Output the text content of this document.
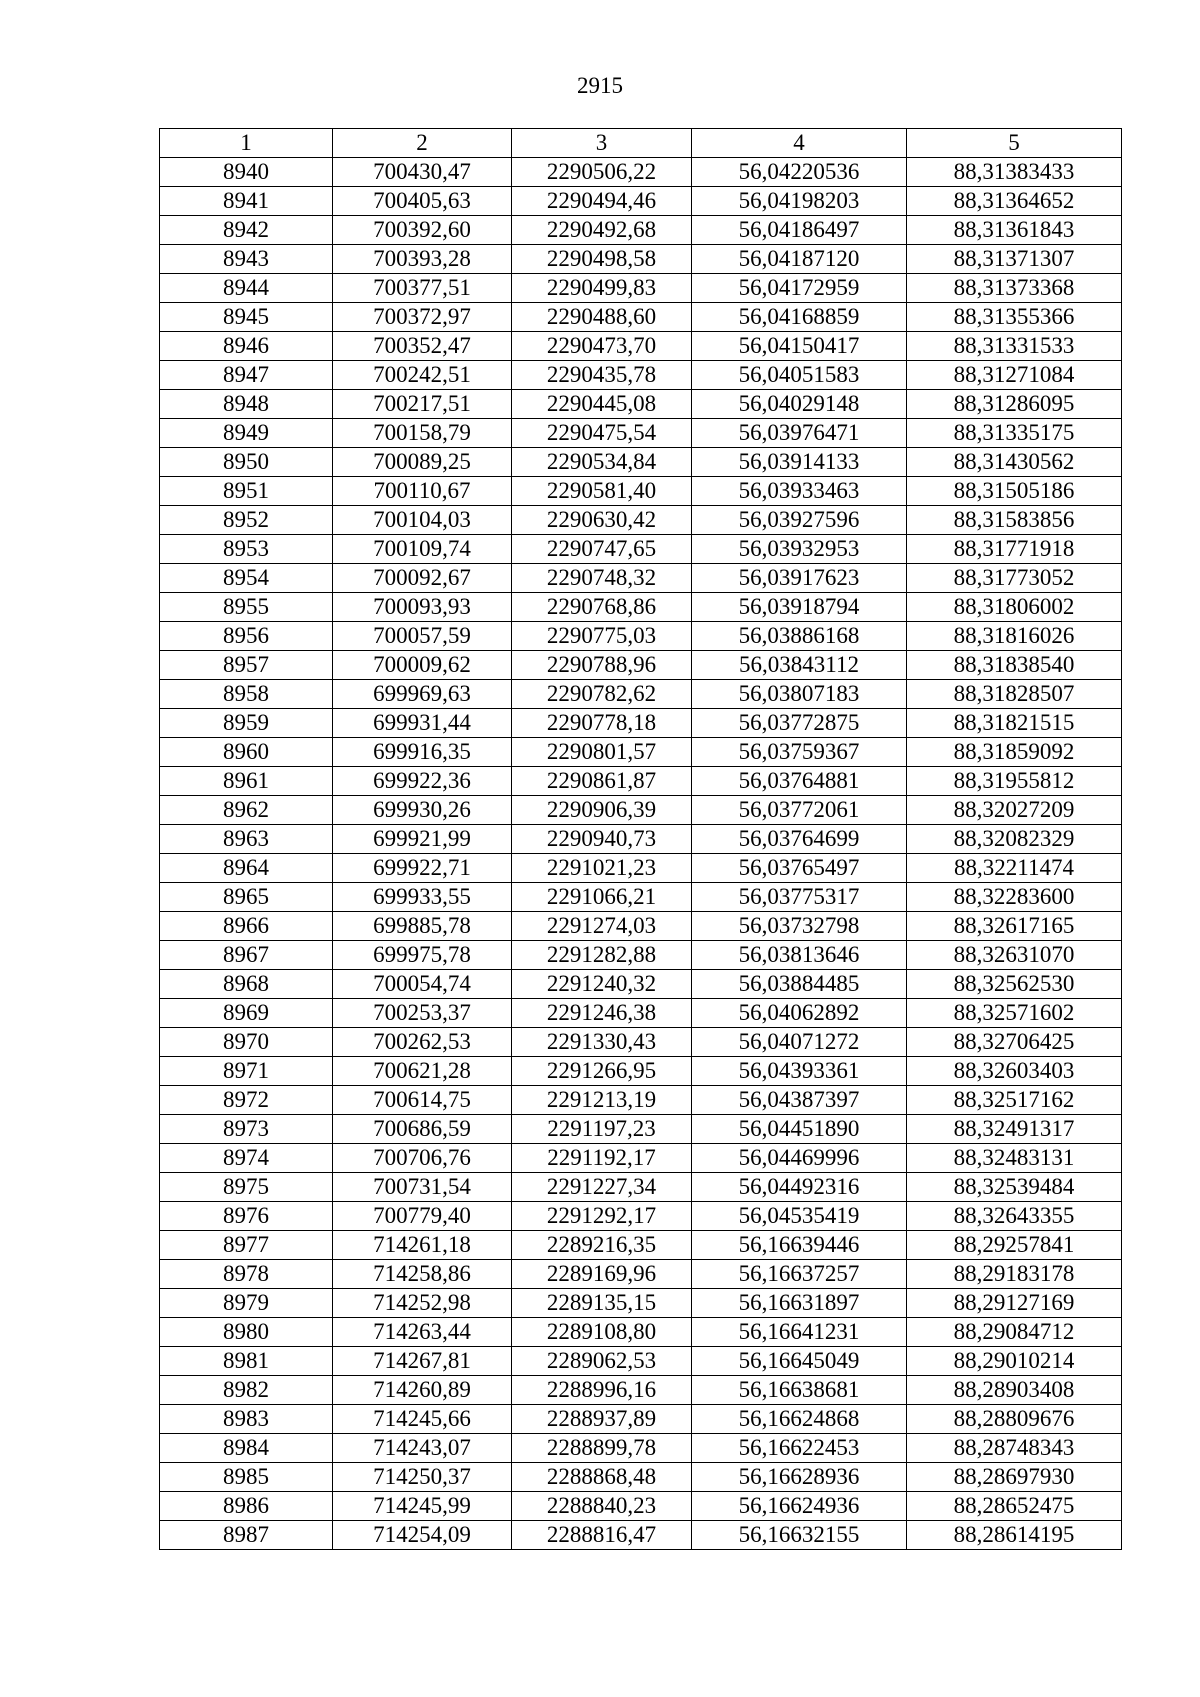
2915
1	2	3	4	5
8940	700430,47	2290506,22	56,04220536	88,31383433
8941	700405,63	2290494,46	56,04198203	88,31364652
8942	700392,60	2290492,68	56,04186497	88,31361843
8943	700393,28	2290498,58	56,04187120	88,31371307
8944	700377,51	2290499,83	56,04172959	88,31373368
8945	700372,97	2290488,60	56,04168859	88,31355366
8946	700352,47	2290473,70	56,04150417	88,31331533
8947	700242,51	2290435,78	56,04051583	88,31271084
8948	700217,51	2290445,08	56,04029148	88,31286095
8949	700158,79	2290475,54	56,03976471	88,31335175
8950	700089,25	2290534,84	56,03914133	88,31430562
8951	700110,67	2290581,40	56,03933463	88,31505186
8952	700104,03	2290630,42	56,03927596	88,31583856
8953	700109,74	2290747,65	56,03932953	88,31771918
8954	700092,67	2290748,32	56,03917623	88,31773052
8955	700093,93	2290768,86	56,03918794	88,31806002
8956	700057,59	2290775,03	56,03886168	88,31816026
8957	700009,62	2290788,96	56,03843112	88,31838540
8958	699969,63	2290782,62	56,03807183	88,31828507
8959	699931,44	2290778,18	56,03772875	88,31821515
8960	699916,35	2290801,57	56,03759367	88,31859092
8961	699922,36	2290861,87	56,03764881	88,31955812
8962	699930,26	2290906,39	56,03772061	88,32027209
8963	699921,99	2290940,73	56,03764699	88,32082329
8964	699922,71	2291021,23	56,03765497	88,32211474
8965	699933,55	2291066,21	56,03775317	88,32283600
8966	699885,78	2291274,03	56,03732798	88,32617165
8967	699975,78	2291282,88	56,03813646	88,32631070
8968	700054,74	2291240,32	56,03884485	88,32562530
8969	700253,37	2291246,38	56,04062892	88,32571602
8970	700262,53	2291330,43	56,04071272	88,32706425
8971	700621,28	2291266,95	56,04393361	88,32603403
8972	700614,75	2291213,19	56,04387397	88,32517162
8973	700686,59	2291197,23	56,04451890	88,32491317
8974	700706,76	2291192,17	56,04469996	88,32483131
8975	700731,54	2291227,34	56,04492316	88,32539484
8976	700779,40	2291292,17	56,04535419	88,32643355
8977	714261,18	2289216,35	56,16639446	88,29257841
8978	714258,86	2289169,96	56,16637257	88,29183178
8979	714252,98	2289135,15	56,16631897	88,29127169
8980	714263,44	2289108,80	56,16641231	88,29084712
8981	714267,81	2289062,53	56,16645049	88,29010214
8982	714260,89	2288996,16	56,16638681	88,28903408
8983	714245,66	2288937,89	56,16624868	88,28809676
8984	714243,07	2288899,78	56,16622453	88,28748343
8985	714250,37	2288868,48	56,16628936	88,28697930
8986	714245,99	2288840,23	56,16624936	88,28652475
8987	714254,09	2288816,47	56,16632155	88,28614195
